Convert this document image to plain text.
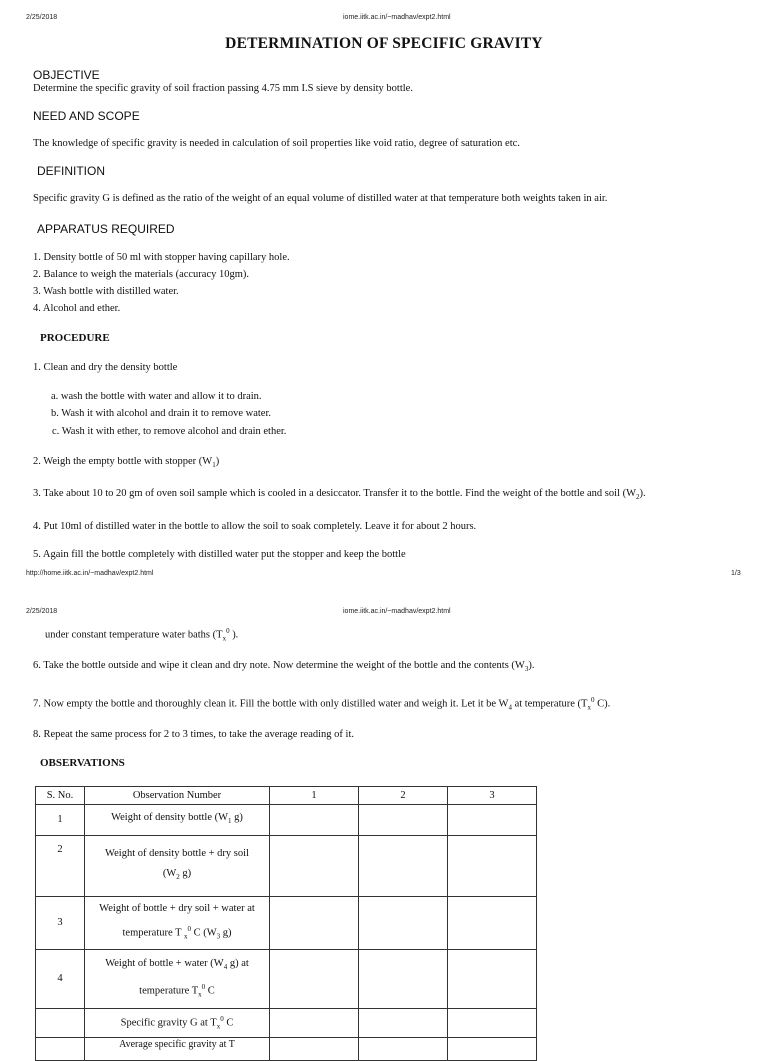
2/25/2018	iome.iitk.ac.in/~madhav/expt2.html
DETERMINATION OF SPECIFIC GRAVITY
OBJECTIVE
Determine the specific gravity of soil fraction passing 4.75 mm I.S sieve by density bottle.
NEED AND SCOPE
The knowledge of specific gravity is needed in calculation of soil properties like void ratio, degree of saturation etc.
DEFINITION
Specific gravity G is defined as the ratio of the weight of an equal volume of distilled water at that temperature both weights taken in air.
APPARATUS REQUIRED
1. Density bottle of 50 ml with stopper having capillary hole.
2. Balance to weigh the materials (accuracy 10gm).
3. Wash bottle with distilled water.
4. Alcohol and ether.
PROCEDURE
1. Clean and dry the density bottle
a. wash the bottle with water and allow it to drain.
b. Wash it with alcohol and drain it to remove water.
c. Wash it with ether, to remove alcohol and drain ether.
2. Weigh the empty bottle with stopper $(W_1)$
3. Take about 10 to 20 gm of oven soil sample which is cooled in a desiccator. Transfer it to the bottle. Find the weight of the bottle and soil $(W_2)$.
4. Put 10ml of distilled water in the bottle to allow the soil to soak completely. Leave it for about 2 hours.
5. Again fill the bottle completely with distilled water put the stopper and keep the bottle
http://home.iitk.ac.in/~madhav/expt2.html	1/3
2/25/2018	iome.iitk.ac.in/~madhav/expt2.html
under constant temperature water baths ($T_x^0$ ).
6. Take the bottle outside and wipe it clean and dry note. Now determine the weight of the bottle and the contents $(W_3)$.
7. Now empty the bottle and thoroughly clean it. Fill the bottle with only distilled water and weigh it. Let it be $W_4$ at temperature ($T_x^0$ C).
8. Repeat the same process for 2 to 3 times, to take the average reading of it.
OBSERVATIONS
S. No.	Observation Number	1	2	3
1	Weight of density bottle ($W_1$ g)			
2	Weight of density bottle + dry soil
($W_2$ g)			
3	Weight of bottle + dry soil + water at
temperature T $_x^0$ C ($W_3$ g)			
4	Weight of bottle + water ($W_4$ g) at
temperature $T_x^0$ C			
	Specific gravity G at $T_x^0$ C			
	Average specific gravity at T			
